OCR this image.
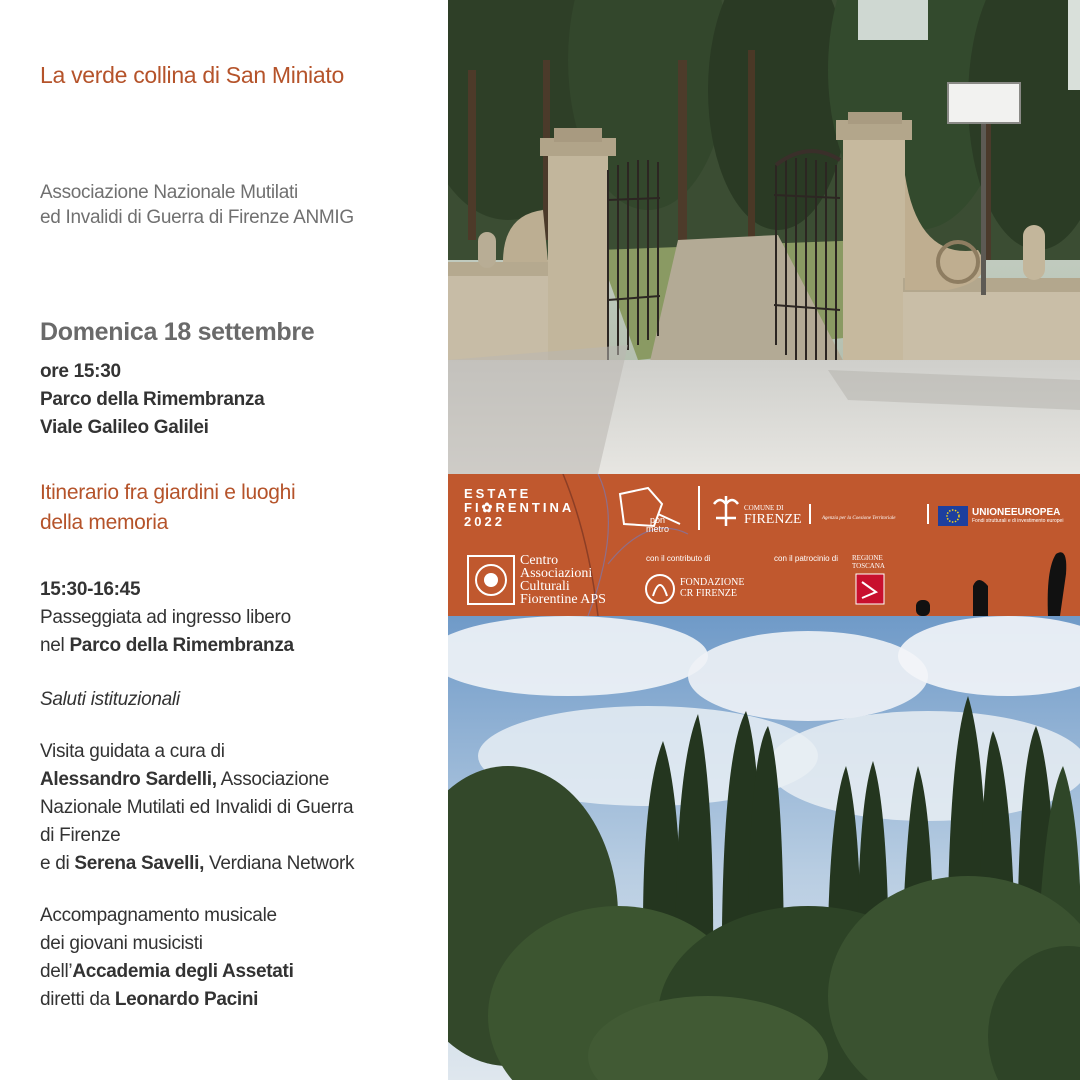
La verde collina di San Miniato

Associazione Nazionale Mutilati
ed Invalidi di Guerra di Firenze ANMIG

Domenica 18 settembre

ore 15:30
Parco della Rimembranza
Viale Galileo Galilei
Itinerario fra giardini e luoghi
della memoria
15:30-16:45
Passeggiata ad ingresso libero
nel Parco della Rimembranza
Saluti istituzionali
Visita guidata a cura di
Alessandro Sardelli, Associazione
Nazionale Mutilati ed Invalidi di Guerra
di Firenze
e di Serena Savelli, Verdiana Network
Accompagnamento musicale
dei giovani musicisti
dell’Accademia degli Assetati
diretti da Leonardo Pacini
ESTATE
FI✿RENTINA
2022	pon
metro
COMUNE DI
FIRENZE	Agenzia per la Coesione Territoriale
UNIONEEUROPEA
Fondi strutturali e di investimento europei
Centro
Associazioni
Culturali
Fiorentine APS
con il contributo di
FONDAZIONE
CR FIRENZE
con il patrocinio di REGIONE
TOSCANA
